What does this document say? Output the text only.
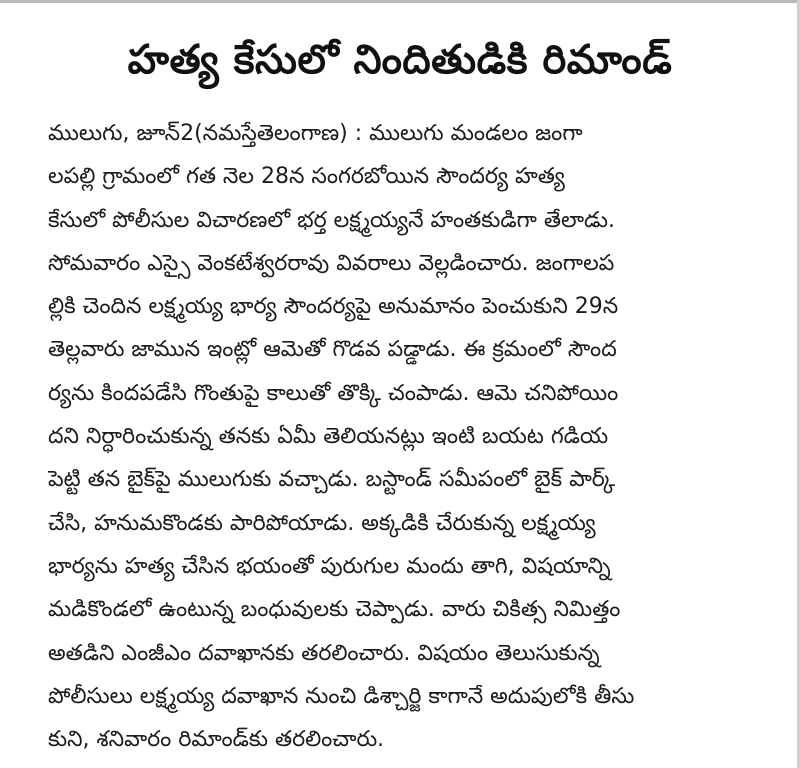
హత్య కేసులో నిందితుడికి రిమాండ్
ములుగు, జూన్2(నమస్తేతెలంగాణ) : ములుగు మండలం జంగా
లపల్లి గ్రామంలో గత నెల 28న సంగరబోయిన సౌందర్య హత్య
కేసులో పోలీసుల విచారణలో భర్త లక్ష్మయ్యనే హంతకుడిగా తేలాడు.
సోమవారం ఎస్సై వెంకటేశ్వరరావు వివరాలు వెల్లడించారు. జంగాలప
ల్లికి చెందిన లక్ష్మయ్య భార్య సౌందర్యపై అనుమానం పెంచుకుని 29న
తెల్లవారు జామున ఇంట్లో ఆమెతో గొడవ పడ్డాడు. ఈ క్రమంలో సౌంద
ర్యను కిందపడేసి గొంతుపై కాలుతో తొక్కి చంపాడు. ఆమె చనిపోయిం
దని నిర్ధారించుకున్న తనకు ఏమీ తెలియనట్లు ఇంటి బయట గడియ
పెట్టి తన బైక్‌పై ములుగుకు వచ్చాడు. బస్టాండ్ సమీపంలో బైక్ పార్క్
చేసి, హనుమకొండకు పారిపోయాడు. అక్కడికి చేరుకున్న లక్ష్మయ్య
భార్యను హత్య చేసిన భయంతో పురుగుల మందు తాగి, విషయాన్ని
మడికొండలో ఉంటున్న బంధువులకు చెప్పాడు. వారు చికిత్స నిమిత్తం
అతడిని ఎంజీఎం దవాఖానకు తరలించారు. విషయం తెలుసుకున్న
పోలీసులు లక్ష్మయ్య దవాఖాన నుంచి డిశ్చార్జి కాగానే అదుపులోకి తీసు
కుని, శనివారం రిమాండ్‌కు తరలించారు.
